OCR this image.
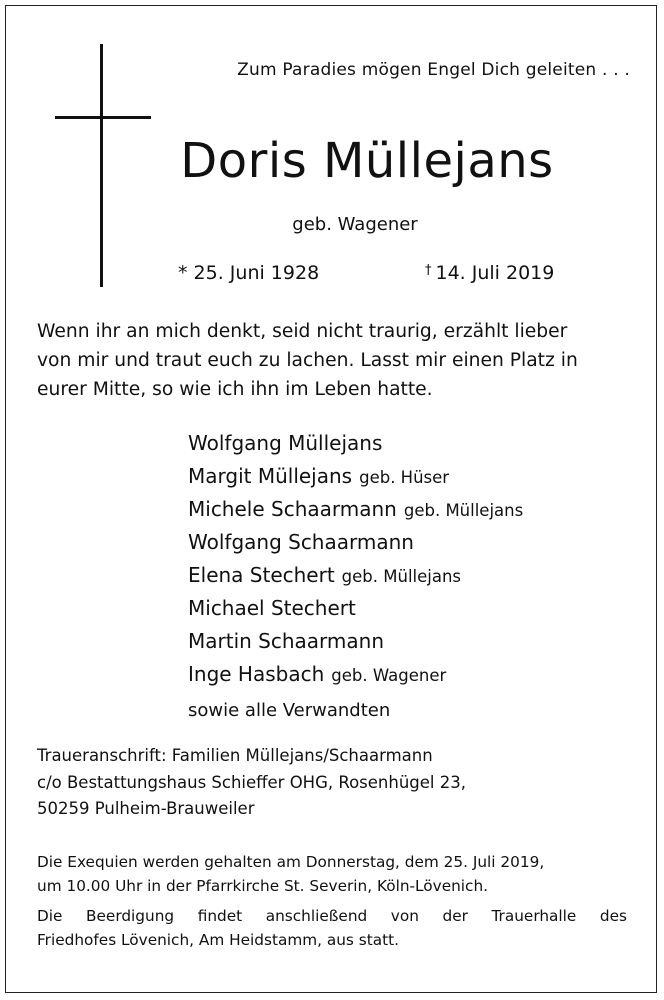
Zum Paradies mögen Engel Dich geleiten . . .
Doris Müllejans
geb. Wagener
* 25. Juni 1928	† 14. Juli 2019
Wenn ihr an mich denkt, seid nicht traurig, erzählt lieber
von mir und traut euch zu lachen. Lasst mir einen Platz in
eurer Mitte, so wie ich ihn im Leben hatte.
Wolfgang Müllejans
Margit Müllejans geb. Hüser
Michele Schaarmann geb. Müllejans
Wolfgang Schaarmann
Elena Stechert geb. Müllejans
Michael Stechert
Martin Schaarmann
Inge Hasbach geb. Wagener
sowie alle Verwandten
Traueranschrift: Familien Müllejans/Schaarmann
c/o Bestattungshaus Schieffer OHG, Rosenhügel 23,
50259 Pulheim-Brauweiler
Die Exequien werden gehalten am Donnerstag, dem 25. Juli 2019,
um 10.00 Uhr in der Pfarrkirche St. Severin, Köln-Lövenich.
Die Beerdigung findet anschließend von der Trauerhalle des
Friedhofes Lövenich, Am Heidstamm, aus statt.
